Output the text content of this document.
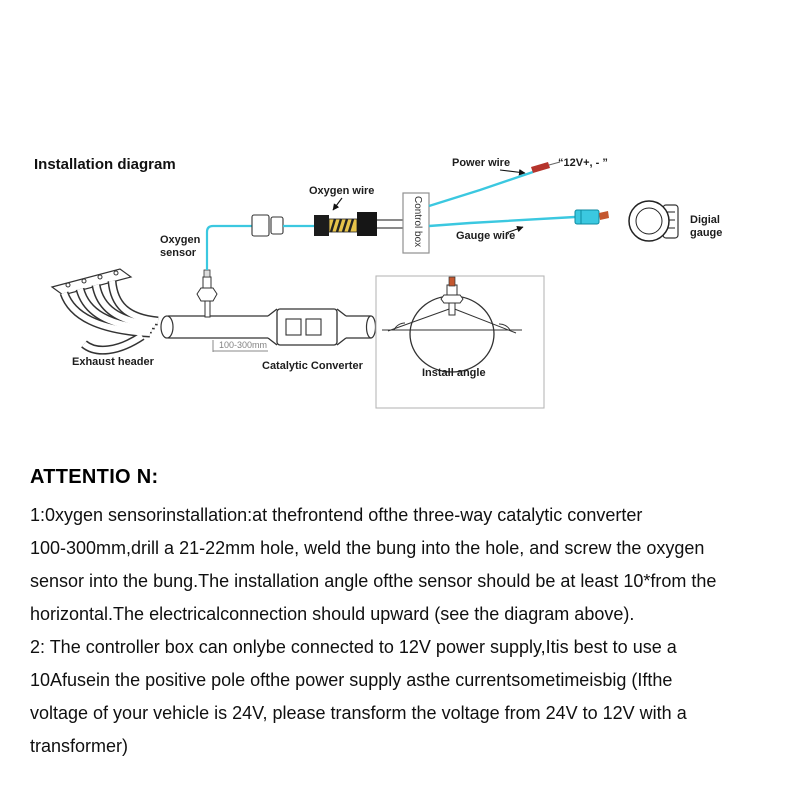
Installation diagram
Oxygen wire
Power wire	“12V+, - ”
Control box	Gauge wire
Digial gauge
Oxygen sensor
Exhaust header
100-300mm
Catalytic Converter
Install angle
ATTENTIO N:
1:0xygen sensorinstallation:at thefrontend ofthe three-way catalytic converter
100-300mm,drill a 21-22mm hole, weld the bung into the hole, and screw the oxygen
sensor into the bung.The installation angle ofthe sensor should be at least 10*from the
horizontal.The electricalconnection should upward (see the diagram above).
2: The controller box can onlybe connected to 12V power supply,Itis best to use a
10Afusein the positive pole ofthe power supply asthe currentsometimeisbig (Ifthe
voltage of your vehicle is 24V, please transform the voltage from 24V to 12V with a
transformer)
